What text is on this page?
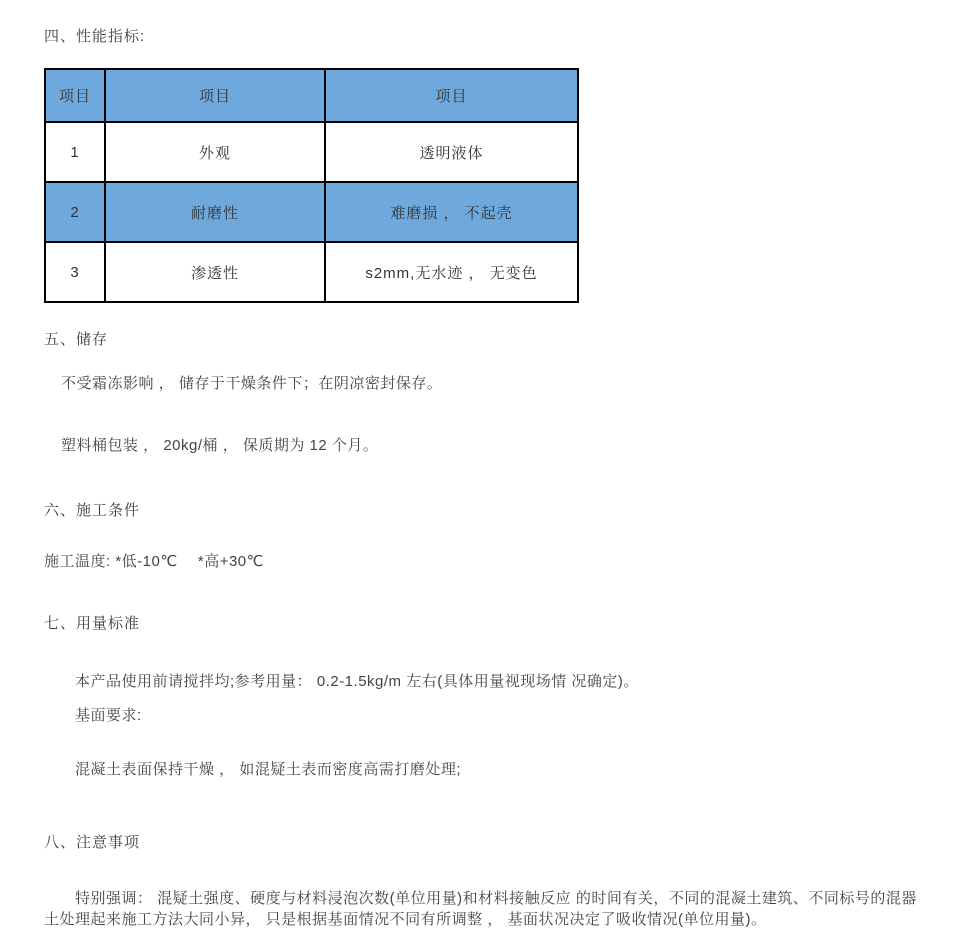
四、性能指标:
项目	项目	项目
1	外观	透明液体
2	耐磨性	难磨损 ， 不起壳
3	渗透性	s2mm,无水迹 ， 无变色
五、储存
不受霜冻影响 ， 储存于干燥条件下；在阴凉密封保存。
塑料桶包装 ， 20kg/桶 ， 保质期为 12 个月。
六、施工条件
施工温度: *低-10℃　 *高+30℃
七、用量标准
本产品使用前请搅拌均;参考用量： 0.2-1.5kg/m 左右(具体用量视现场情 况确定)。
基面要求:
混凝土表面保持干燥 ， 如混疑土表而密度高需打磨处理;
八、注意事项
特别强调： 混疑土强度、硬度与材料浸泡次数(单位用量)和材料接触反应 的时间有关，不同的混凝土建筑、不同标号的混器土处理起来施工方法大同小异， 只是根据基面情况不同有所调整 ， 基面状况决定了吸收情况(单位用量)。
